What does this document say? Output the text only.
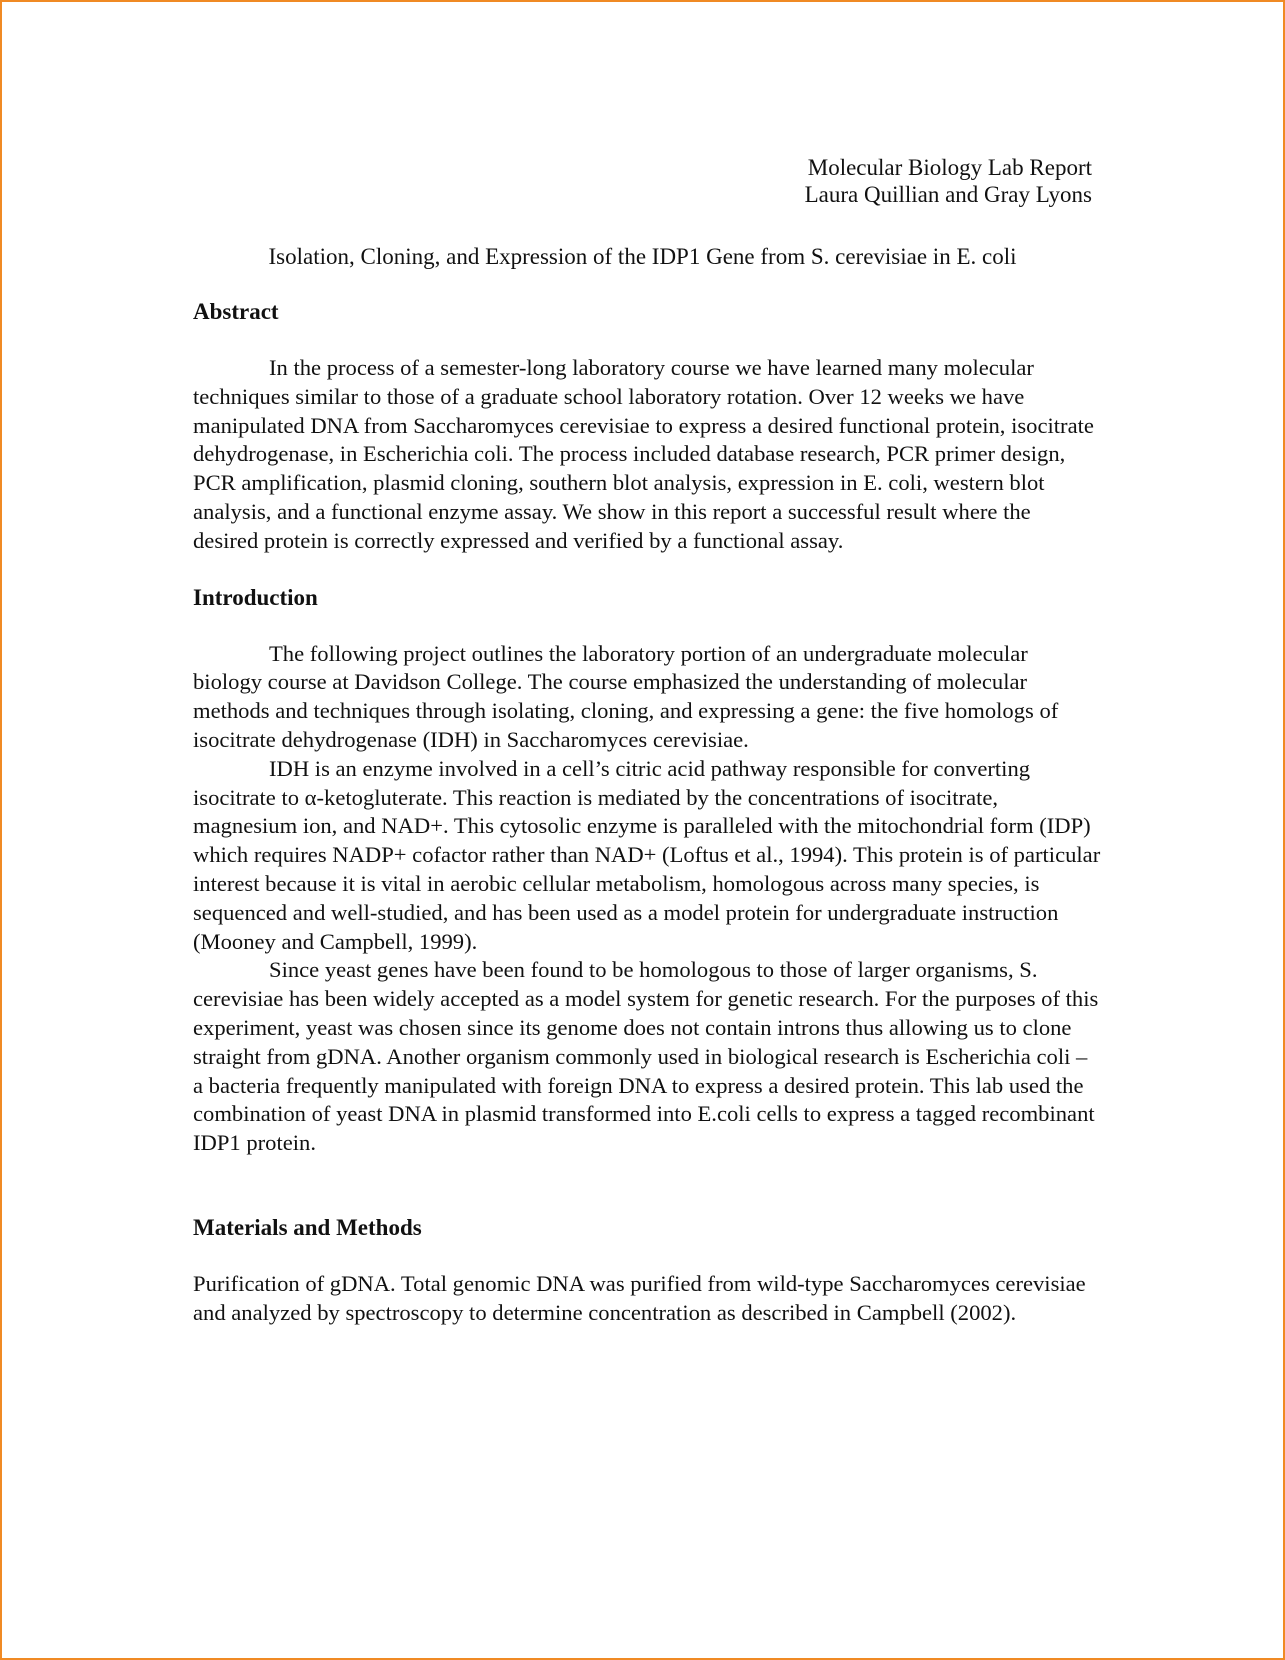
Molecular Biology Lab Report
Laura Quillian and Gray Lyons
Isolation, Cloning, and Expression of the IDP1 Gene from S. cerevisiae in E. coli
Abstract

In the process of a semester-long laboratory course we have learned many molecular techniques similar to those of a graduate school laboratory rotation. Over 12 weeks we have manipulated DNA from Saccharomyces cerevisiae to express a desired functional protein, isocitrate dehydrogenase, in Escherichia coli. The process included database research, PCR primer design, PCR amplification, plasmid cloning, southern blot analysis, expression in E. coli, western blot analysis, and a functional enzyme assay. We show in this report a successful result where the desired protein is correctly expressed and verified by a functional assay.

Introduction

The following project outlines the laboratory portion of an undergraduate molecular biology course at Davidson College. The course emphasized the understanding of molecular methods and techniques through isolating, cloning, and expressing a gene: the five homologs of isocitrate dehydrogenase (IDH) in Saccharomyces cerevisiae.

IDH is an enzyme involved in a cell’s citric acid pathway responsible for converting isocitrate to α-ketogluterate. This reaction is mediated by the concentrations of isocitrate, magnesium ion, and NAD+. This cytosolic enzyme is paralleled with the mitochondrial form (IDP) which requires NADP+ cofactor rather than NAD+ (Loftus et al., 1994). This protein is of particular interest because it is vital in aerobic cellular metabolism, homologous across many species, is sequenced and well-studied, and has been used as a model protein for undergraduate instruction (Mooney and Campbell, 1999).

Since yeast genes have been found to be homologous to those of larger organisms, S. cerevisiae has been widely accepted as a model system for genetic research. For the purposes of this experiment, yeast was chosen since its genome does not contain introns thus allowing us to clone straight from gDNA. Another organism commonly used in biological research is Escherichia coli – a bacteria frequently manipulated with foreign DNA to express a desired protein. This lab used the combination of yeast DNA in plasmid transformed into E.coli cells to express a tagged recombinant IDP1 protein.

Materials and Methods

Purification of gDNA. Total genomic DNA was purified from wild-type Saccharomyces cerevisiae and analyzed by spectroscopy to determine concentration as described in Campbell (2002).
